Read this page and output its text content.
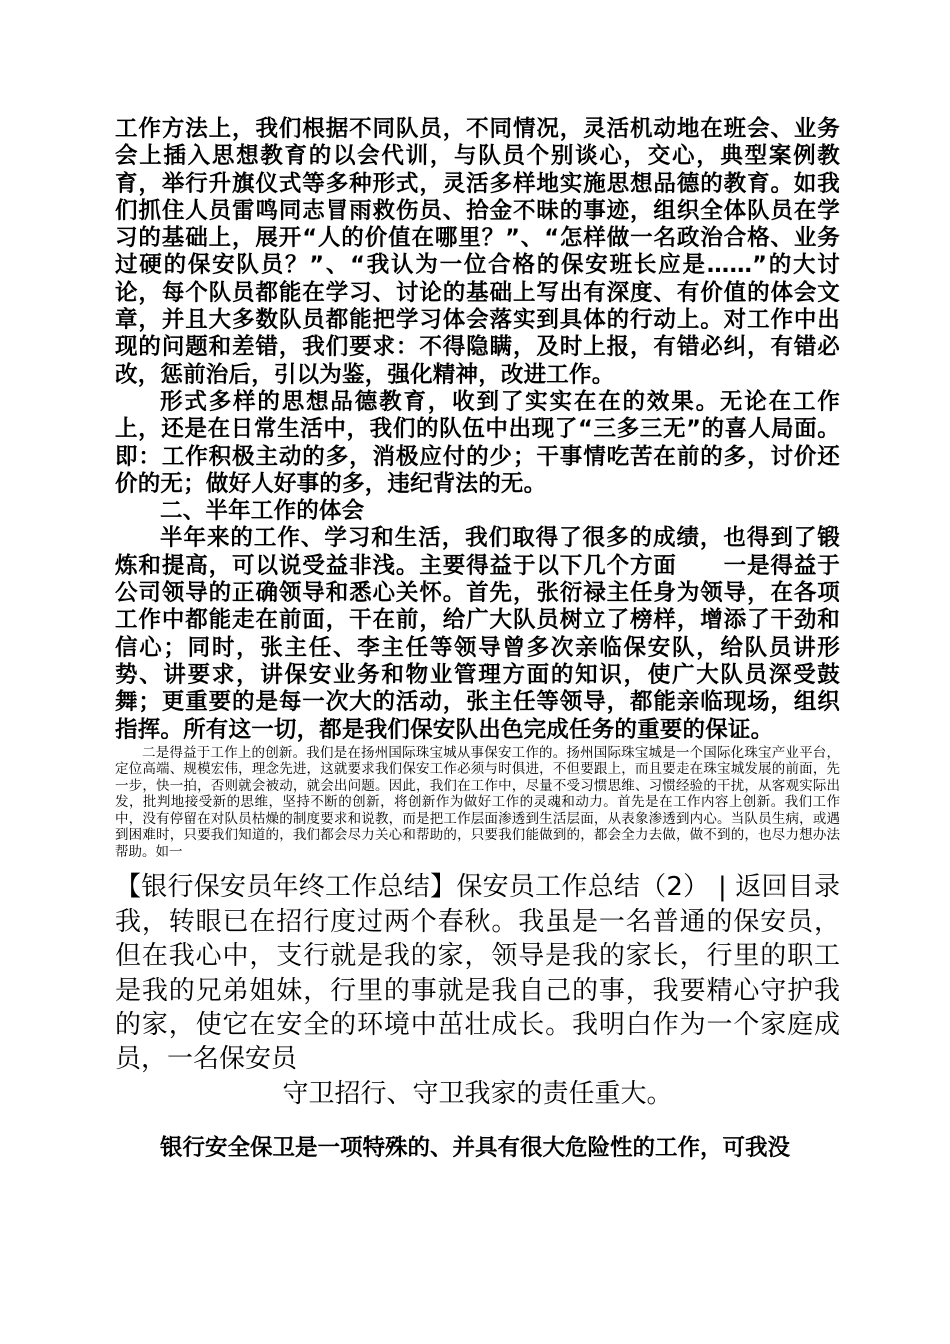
工作方法上，我们根据不同队员，不同情况，灵活机动地在班会、业务会上插入思想教育的以会代训，与队员个别谈心，交心，典型案例教育，举行升旗仪式等多种形式，灵活多样地实施思想品德的教育。如我们抓住人员雷鸣同志冒雨救伤员、拾金不昧的事迹，组织全体队员在学习的基础上，展开“人的价值在哪里？”、“怎样做一名政治合格、业务过硬的保安队员？”、“我认为一位合格的保安班长应是……”的大讨论，每个队员都能在学习、讨论的基础上写出有深度、有价值的体会文章，并且大多数队员都能把学习体会落实到具体的行动上。对工作中出现的问题和差错，我们要求：不得隐瞒，及时上报，有错必纠，有错必改，惩前治后，引以为鉴，强化精神，改进工作。

形式多样的思想品德教育，收到了实实在在的效果。无论在工作上，还是在日常生活中，我们的队伍中出现了“三多三无”的喜人局面。即：工作积极主动的多，消极应付的少；干事情吃苦在前的多，讨价还价的无；做好人好事的多，违纪背法的无。

二、半年工作的体会

半年来的工作、学习和生活，我们取得了很多的成绩，也得到了锻炼和提高，可以说受益非浅。主要得益于以下几个方面　　一是得益于公司领导的正确领导和悉心关怀。首先，张衍禄主任身为领导，在各项工作中都能走在前面，干在前，给广大队员树立了榜样，增添了干劲和信心；同时，张主任、李主任等领导曾多次亲临保安队，给队员讲形势、讲要求，讲保安业务和物业管理方面的知识，使广大队员深受鼓舞；更重要的是每一次大的活动，张主任等领导，都能亲临现场，组织指挥。所有这一切，都是我们保安队出色完成任务的重要的保证。

二是得益于工作上的创新。我们是在扬州国际珠宝城从事保安工作的。扬州国际珠宝城是一个国际化珠宝产业平台，定位高端、规模宏伟，理念先进，这就要求我们保安工作必须与时俱进，不但要跟上，而且要走在珠宝城发展的前面，先一步，快一拍，否则就会被动，就会出问题。因此，我们在工作中，尽量不受习惯思维、习惯经验的干扰，从客观实际出发，批判地接受新的思维，坚持不断的创新，将创新作为做好工作的灵魂和动力。首先是在工作内容上创新。我们工作中，没有停留在对队员枯燥的制度要求和说教，而是把工作层面渗透到生活层面，从表象渗透到内心。当队员生病，或遇到困难时，只要我们知道的，我们都会尽力关心和帮助的，只要我们能做到的，都会全力去做，做不到的，也尽力想办法帮助。如一

【银行保安员年终工作总结】保安员工作总结（2） | 返回目录　　我，转眼已在招行度过两个春秋。我虽是一名普通的保安员，但在我心中，支行就是我的家，领导是我的家长，行里的职工是我的兄弟姐妹，行里的事就是我自己的事，我要精心守护我的家，使它在安全的环境中茁壮成长。我明白作为一个家庭成员，一名保安员

守卫招行、守卫我家的责任重大。

银行安全保卫是一项特殊的、并具有很大危险性的工作，可我没
